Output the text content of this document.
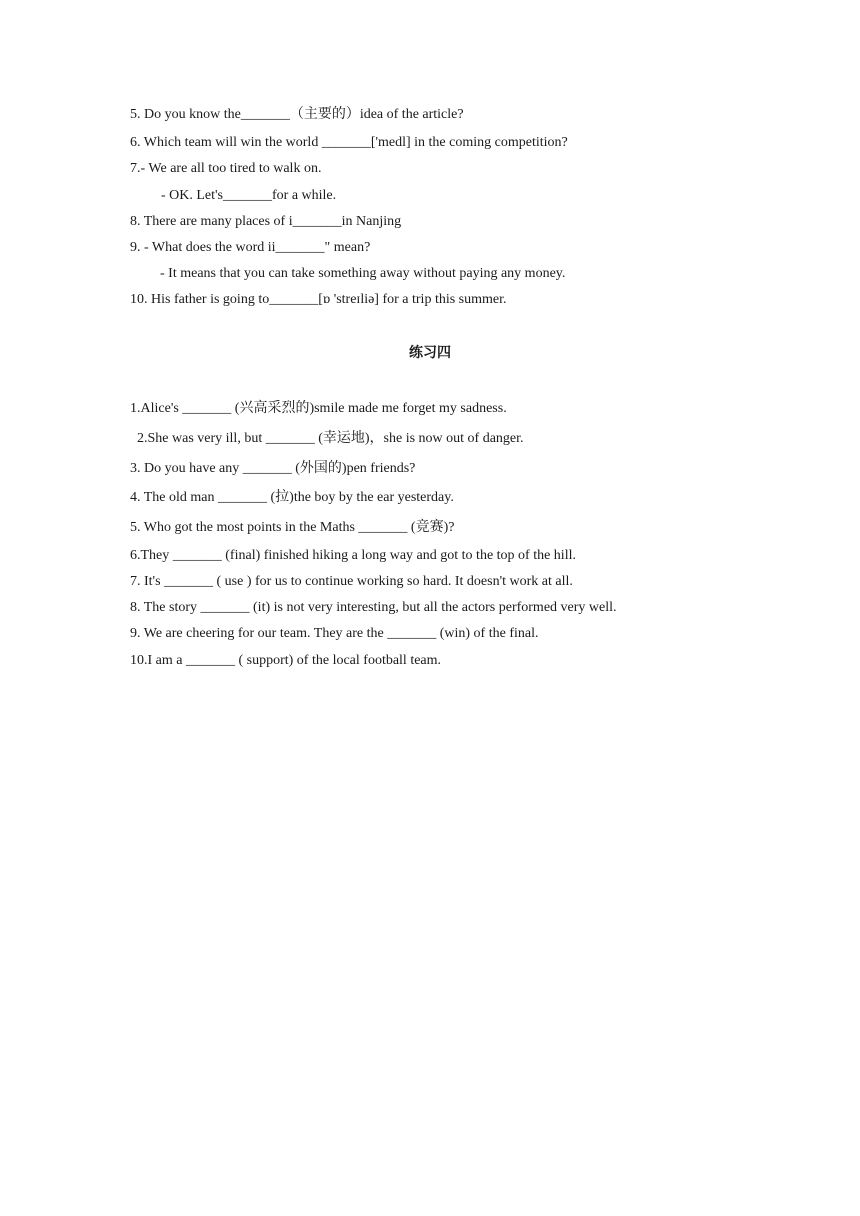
5. Do you know the_______（主要的）idea of the article?
6. Which team will win the world _______['medl] in the coming competition?
7.- We are all too tired to walk on.
- OK. Let's_______for a while.
8. There are many places of i_______in Nanjing
9. - What does the word ii_______" mean?
- It means that you can take something away without paying any money.
10. His father is going to_______[ɒ 'streɪliə] for a trip this summer.
练习四
1.Alice's _______ (兴高采烈的)smile made me forget my sadness.
2.She was very ill, but _______ (幸运地)，she is now out of danger.
3. Do you have any _______ (外国的)pen friends?
4. The old man _______ (拉)the boy by the ear yesterday.
5. Who got the most points in the Maths _______ (竞赛)?
6.They _______ (final) finished hiking a long way and got to the top of the hill.
7. It's _______ ( use ) for us to continue working so hard. It doesn't work at all.
8. The story _______ (it) is not very interesting, but all the actors performed very well.
9. We are cheering for our team. They are the _______ (win) of the final.
10.I am a _______ ( support) of the local football team.
